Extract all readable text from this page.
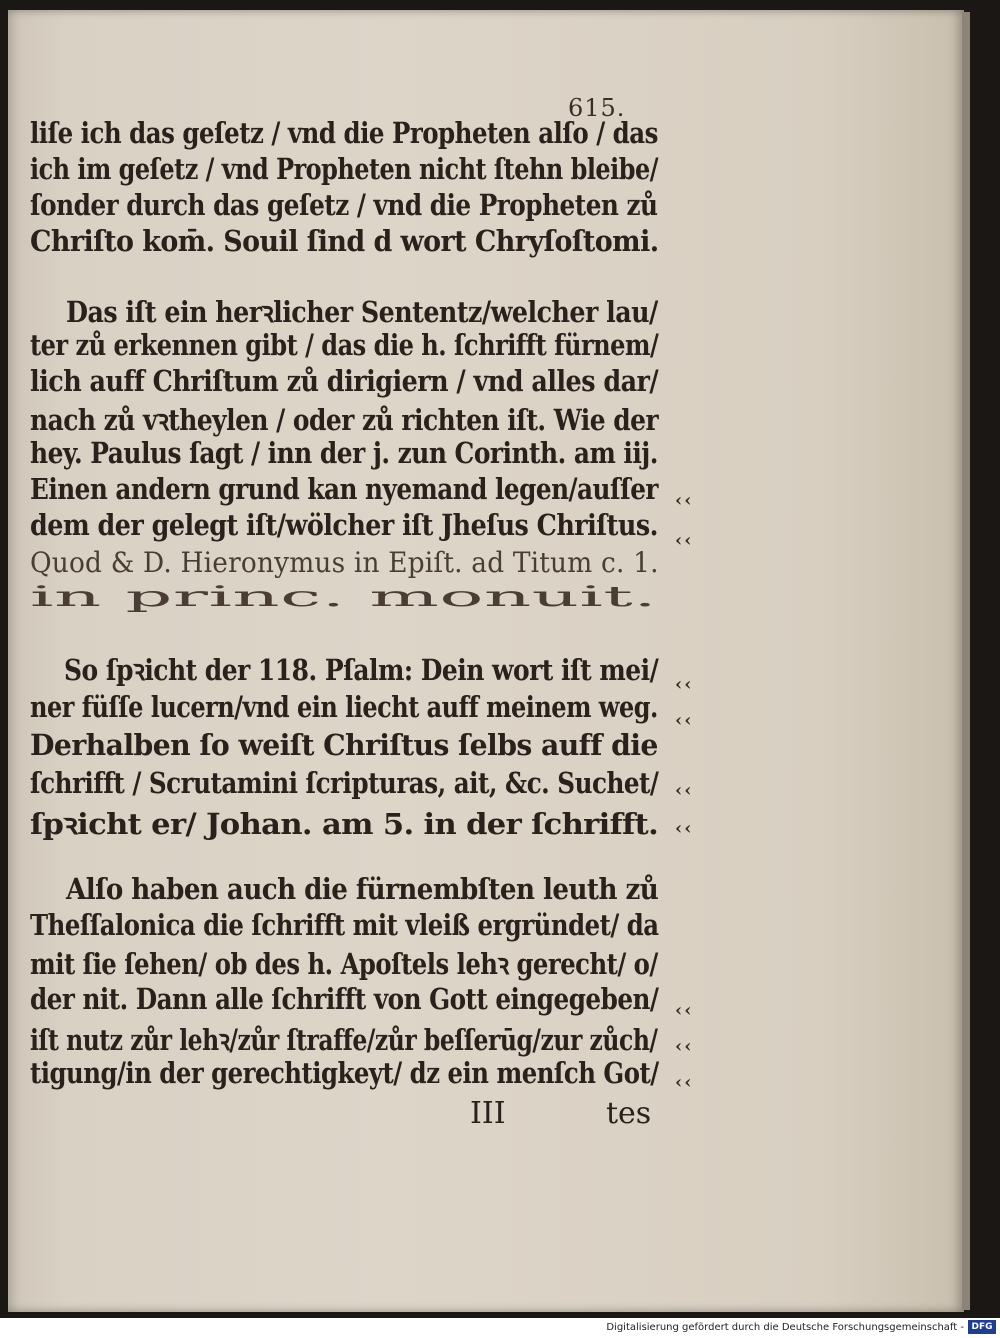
615.
liſe ich das geſetz / vnd die Propheten alſo / das
ich im geſetz / vnd Propheten nicht ſtehn bleibe/
ſonder durch das geſetz / vnd die Propheten zů
Chriſto kom̄. Souil ſind d wort Chryſoſtomi.
Das iſt ein herꝛlicher Sententz/welcher lau/
ter zů erkennen gibt / das die h. ſchrifft fürnem/
lich auff Chriſtum zů dirigiern / vnd alles dar/
nach zů vꝛtheylen / oder zů richten iſt. Wie der
hey. Paulus ſagt / inn der j. zun Corinth. am iij.
Einen andern grund kan nyemand legen/auſſer ‹‹
dem der gelegt iſt/wölcher iſt Jheſus Chriſtus. ‹‹
Quod & D. Hieronymus in Epiſt. ad Titum c. 1.
in princ. monuit.
So ſpꝛicht der 118. Pſalm: Dein wort iſt mei/ ‹‹
ner füſſe lucern/vnd ein liecht auff meinem weg. ‹‹
Derhalben ſo weiſt Chriſtus ſelbs auff die
ſchrifft / Scrutamini ſcripturas, ait, &c. Suchet/ ‹‹
ſpꝛicht er/ Johan. am 5. in der ſchrifft. ‹‹
Alſo haben auch die fürnembſten leuth zů
Theſſalonica die ſchrifft mit vleiß ergründet/ da
mit ſie ſehen/ ob des h. Apoſtels lehꝛ gerecht/ o/
der nit. Dann alle ſchrifft von Gott eingegeben/ ‹‹
iſt nutz zůr lehꝛ/zůr ſtraffe/zůr beſſerūg/zur zůch/ ‹‹
tigung/in der gerechtigkeyt/ dz ein menſch Got/ ‹‹
III	tes
Digitalisierung gefördert durch die Deutsche Forschungsgemeinschaft - DFG
